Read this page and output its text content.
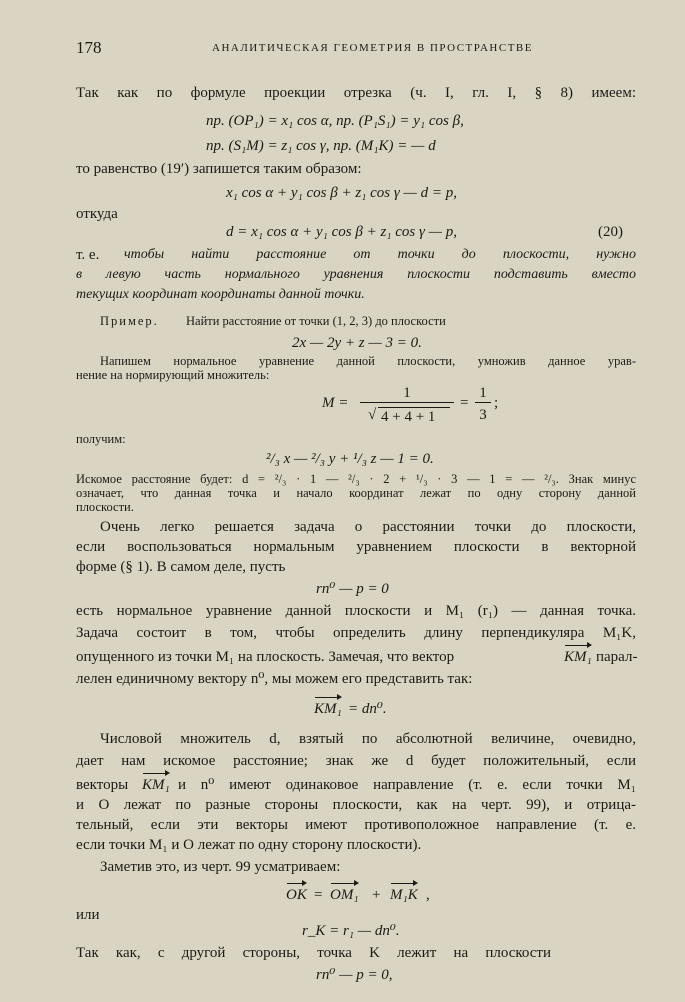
178	АНАЛИТИЧЕСКАЯ ГЕОМЕТРИЯ В ПРОСТРАНСТВЕ
Так как по формуле проекции отрезка (ч. I, гл. I, § 8) имеем:
пр. (OP₁) = x₁ cos α, пр. (P₁S₁) = y₁ cos β,
пр. (S₁M) = z₁ cos γ, пр. (M₁K) = — d
то равенство (19′) запишется таким образом:
x₁ cos α + y₁ cos β + z₁ cos γ — d = p,
откуда
d = x₁ cos α + y₁ cos β + z₁ cos γ — p,	(20)
т. е. чтобы найти расстояние от точки до плоскости, нужно
в левую часть нормального уравнения плоскости подставить вместо
текущих координат координаты данной точки.
Пример. Найти расстояние от точки (1, 2, 3) до плоскости
2x — 2y + z — 3 = 0.
Напишем нормальное уравнение данной плоскости, умножив данное урав-
нение на нормирующий множитель:
M =
1
√ 4 + 4 + 1
=
1
3
;
получим:
²/₃ x — ²/₃ y + ¹/₃ z — 1 = 0.
Искомое расстояние будет: d = ²/₃ · 1 — ²/₃ · 2 + ¹/₃ · 3 — 1 = — ²/₃. Знак минус
означает, что данная точка и начало координат лежат по одну сторону данной
плоскости.
Очень легко решается задача о расстоянии точки до плоскости,
если воспользоваться нормальным уравнением плоскости в векторной
форме (§ 1). В самом деле, пусть
rn⁰ — p = 0
есть нормальное уравнение данной плоскости и M₁ (r₁) — данная точка.
Задача состоит в том, чтобы определить длину перпендикуляра M₁K,
опущенного из точки M₁ на плоскость. Замечая, что вектор	KM₁ парал-
лелен единичному вектору n⁰, мы можем его представить так:
KM₁ = dn⁰.
Числовой множитель d, взятый по абсолютной величине, очевидно,
дает нам искомое расстояние; знак же d будет положительный, если
векторы KM₁ и n⁰ имеют одинаковое направление (т. е. если точки M₁
и O лежат по разные стороны плоскости, как на черт. 99), и отрица-
тельный, если эти векторы имеют противоположное направление (т. е.
если точки M₁ и O лежат по одну сторону плоскости).
Заметив это, из черт. 99 усматриваем:
OK = OM₁ + M₁K ,
или
r_K = r₁ — dn⁰.
Так как, с другой стороны, точка K лежит на плоскости
rn⁰ — p = 0,
